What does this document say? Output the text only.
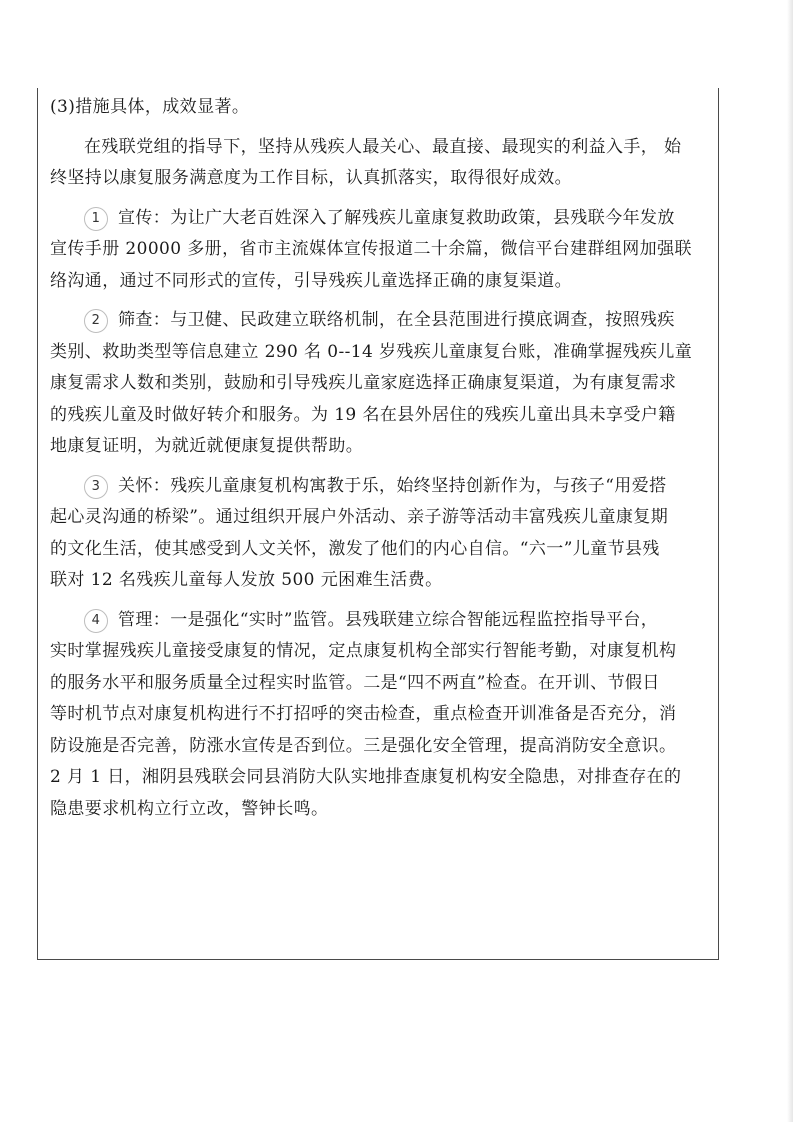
(3)措施具体，成效显著。
在残联党组的指导下，坚持从残疾人最关心、最直接、最现实的利益入手， 始
终坚持以康复服务满意度为工作目标，认真抓落实，取得很好成效。
1 宣传：为让广大老百姓深入了解残疾儿童康复救助政策，县残联今年发放
宣传手册 20000 多册，省市主流媒体宣传报道二十余篇，微信平台建群组网加强联
络沟通，通过不同形式的宣传，引导残疾儿童选择正确的康复渠道。
2 筛查：与卫健、民政建立联络机制，在全县范围进行摸底调查，按照残疾
类别、救助类型等信息建立 290 名 0--14 岁残疾儿童康复台账，准确掌握残疾儿童
康复需求人数和类别，鼓励和引导残疾儿童家庭选择正确康复渠道，为有康复需求
的残疾儿童及时做好转介和服务。为 19 名在县外居住的残疾儿童出具未享受户籍
地康复证明，为就近就便康复提供帮助。
3 关怀：残疾儿童康复机构寓教于乐，始终坚持创新作为，与孩子“用爱搭
起心灵沟通的桥梁”。通过组织开展户外活动、亲子游等活动丰富残疾儿童康复期
的文化生活，使其感受到人文关怀，激发了他们的内心自信。“六一”儿童节县残
联对 12 名残疾儿童每人发放 500 元困难生活费。
4 管理：一是强化“实时”监管。县残联建立综合智能远程监控指导平台，
实时掌握残疾儿童接受康复的情况，定点康复机构全部实行智能考勤，对康复机构
的服务水平和服务质量全过程实时监管。二是“四不两直”检查。在开训、节假日
等时机节点对康复机构进行不打招呼的突击检查，重点检查开训准备是否充分，消
防设施是否完善，防涨水宣传是否到位。三是强化安全管理，提高消防安全意识。
2 月 1 日，湘阴县残联会同县消防大队实地排查康复机构安全隐患，对排查存在的
隐患要求机构立行立改，警钟长鸣。
